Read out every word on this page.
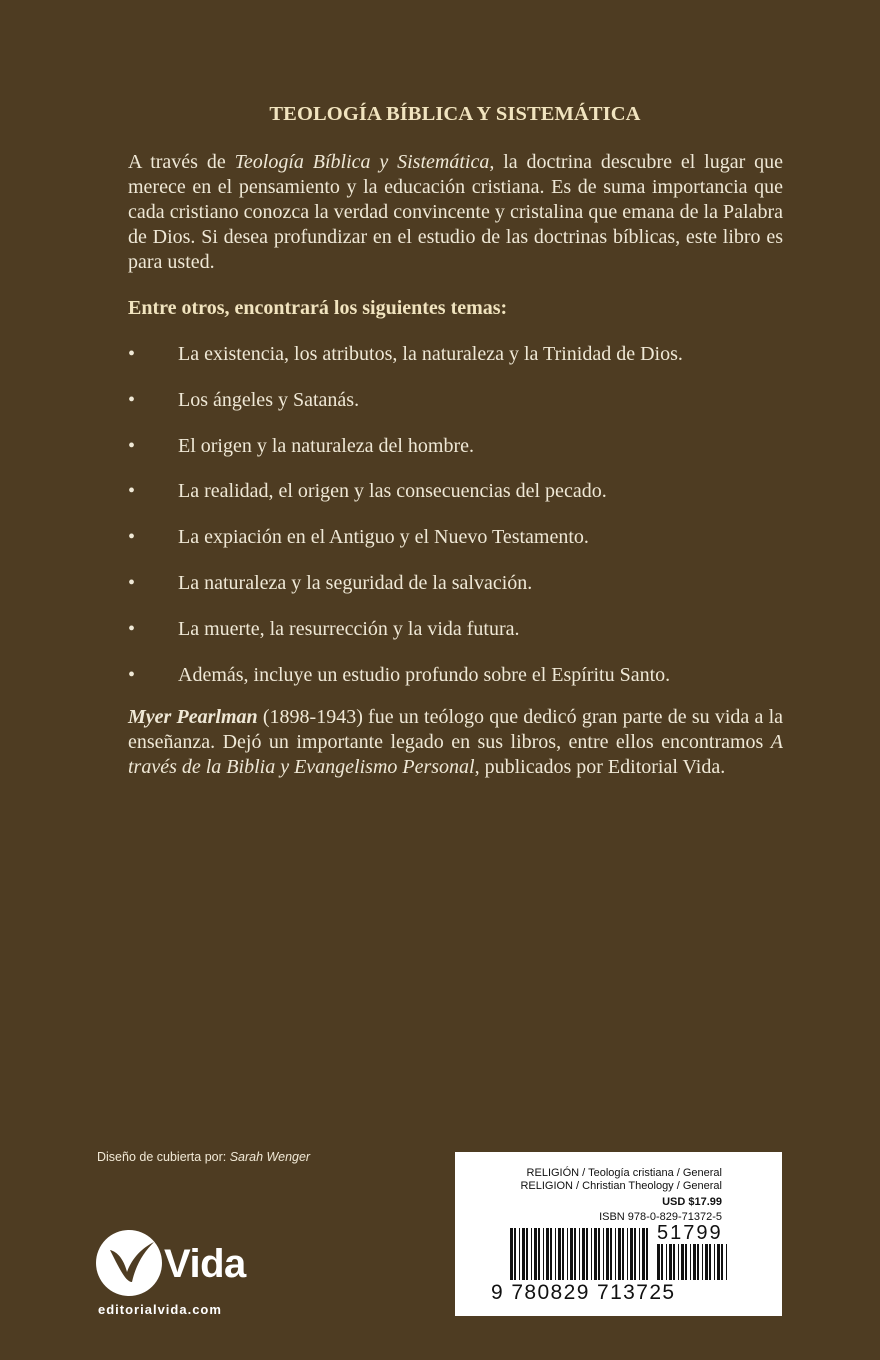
TEOLOGÍA BÍBLICA Y SISTEMÁTICA

A través de Teología Bíblica y Sistemática, la doctrina descubre el lugar que merece en el pensamiento y la educación cristiana. Es de suma importancia que cada cristiano conozca la verdad convincente y cristalina que emana de la Palabra de Dios. Si desea profundizar en el estudio de las doctrinas bíblicas, este libro es para usted.

Entre otros, encontrará los siguientes temas:

• La existencia, los atributos, la naturaleza y la Trinidad de Dios.
• Los ángeles y Satanás.
• El origen y la naturaleza del hombre.
• La realidad, el origen y las consecuencias del pecado.
• La expiación en el Antiguo y el Nuevo Testamento.
• La naturaleza y la seguridad de la salvación.
• La muerte, la resurrección y la vida futura.
• Además, incluye un estudio profundo sobre el Espíritu Santo.

Myer Pearlman (1898-1943) fue un teólogo que dedicó gran parte de su vida a la enseñanza. Dejó un importante legado en sus libros, entre ellos encontramos A través de la Biblia y Evangelismo Personal, publicados por Editorial Vida.

Diseño de cubierta por: Sarah Wenger
Vida
editorialvida.com
RELIGIÓN / Teología cristiana / General
RELIGION / Christian Theology / General
USD $17.99
ISBN 978-0-829-71372-5
51799
9 780829 713725
